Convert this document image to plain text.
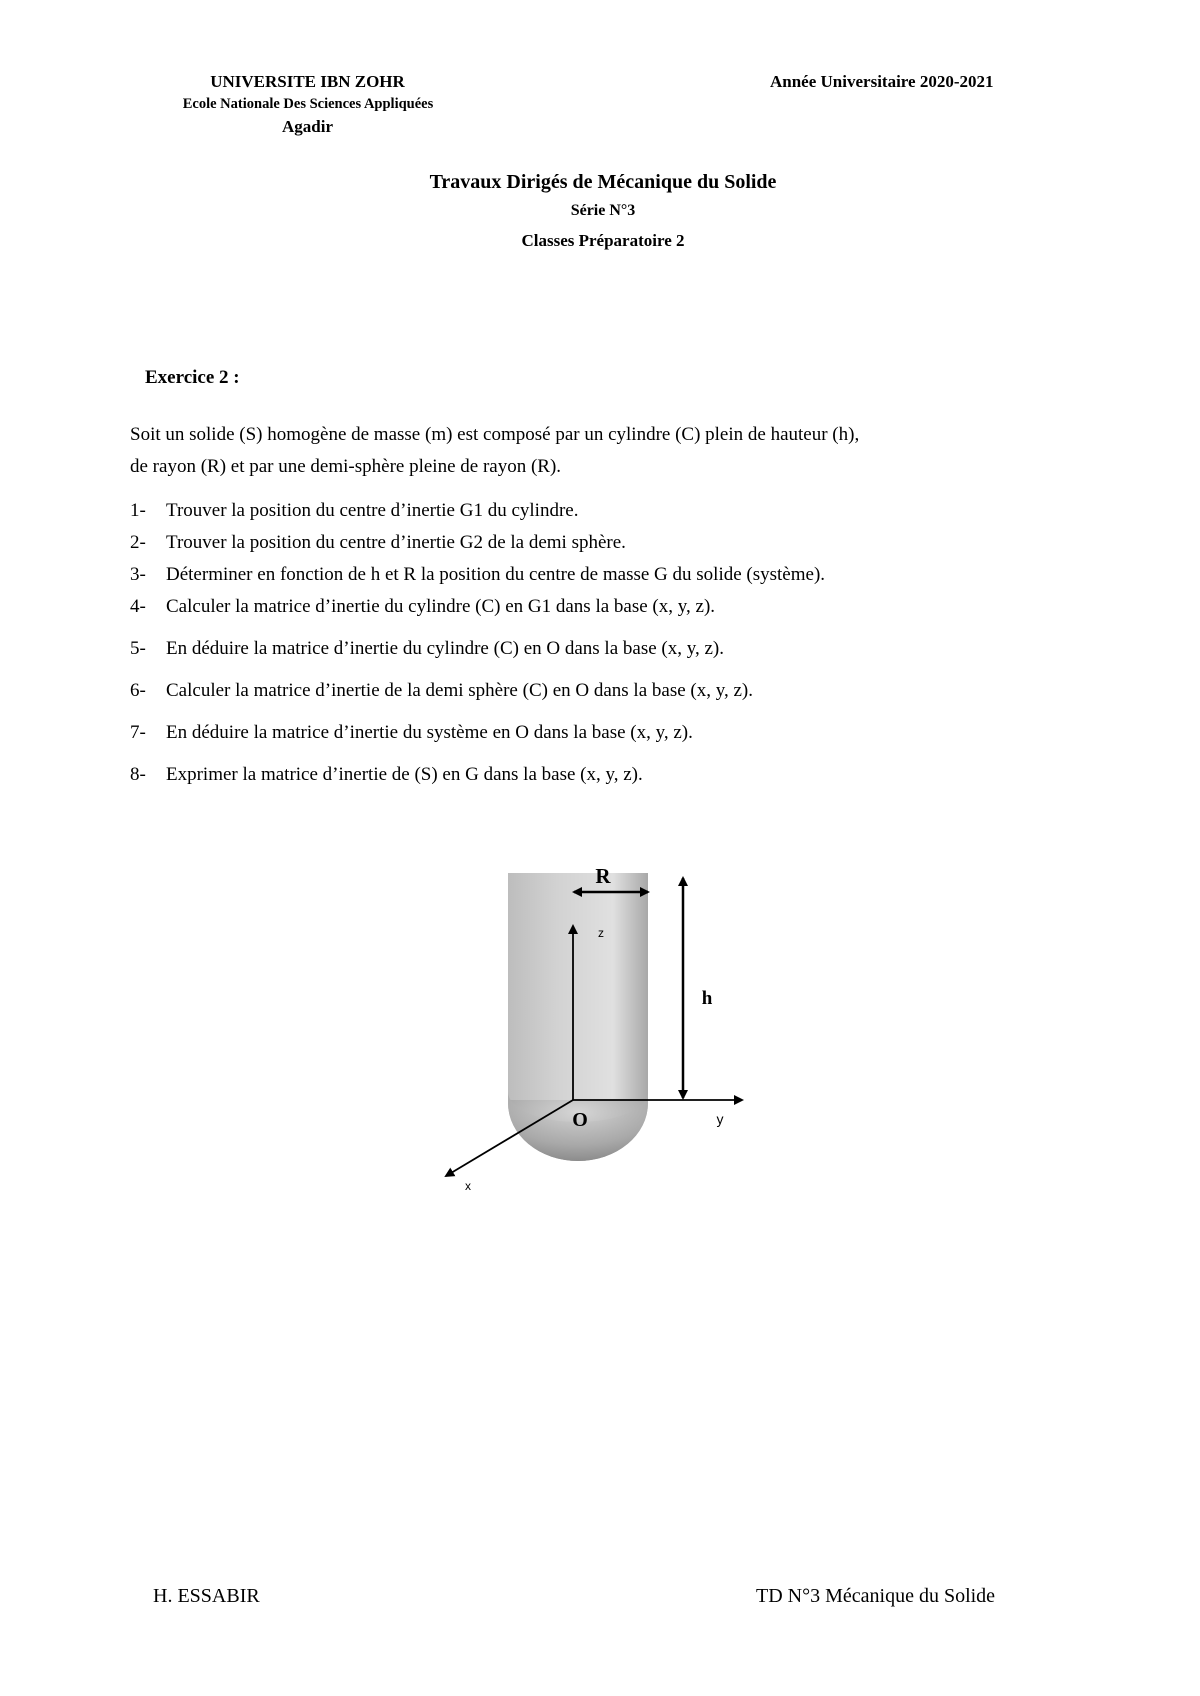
UNIVERSITE IBN ZOHR
Ecole Nationale Des Sciences Appliquées
Agadir
Année Universitaire 2020-2021
Travaux Dirigés de Mécanique du Solide
Série N°3
Classes Préparatoire 2
Exercice 2 :
Soit un solide (S) homogène de masse (m) est composé par un cylindre (C) plein de hauteur (h),
de rayon (R) et par une demi-sphère pleine de rayon (R).
1- Trouver la position du centre d’inertie G1 du cylindre.
2- Trouver la position du centre d’inertie G2 de la demi sphère.
3- Déterminer en fonction de h et R la position du centre de masse G du solide (système).
4- Calculer la matrice d’inertie du cylindre (C) en G1 dans la base (x, y, z).
5- En déduire la matrice d’inertie du cylindre (C) en O dans la base (x, y, z).
6- Calculer la matrice d’inertie de la demi sphère (C) en O dans la base (x, y, z).
7- En déduire la matrice d’inertie du système en O dans la base (x, y, z).
8- Exprimer la matrice d’inertie de (S) en G dans la base (x, y, z).
R
h
z
y
x
O
H. ESSABIR	TD N°3 Mécanique du Solide
